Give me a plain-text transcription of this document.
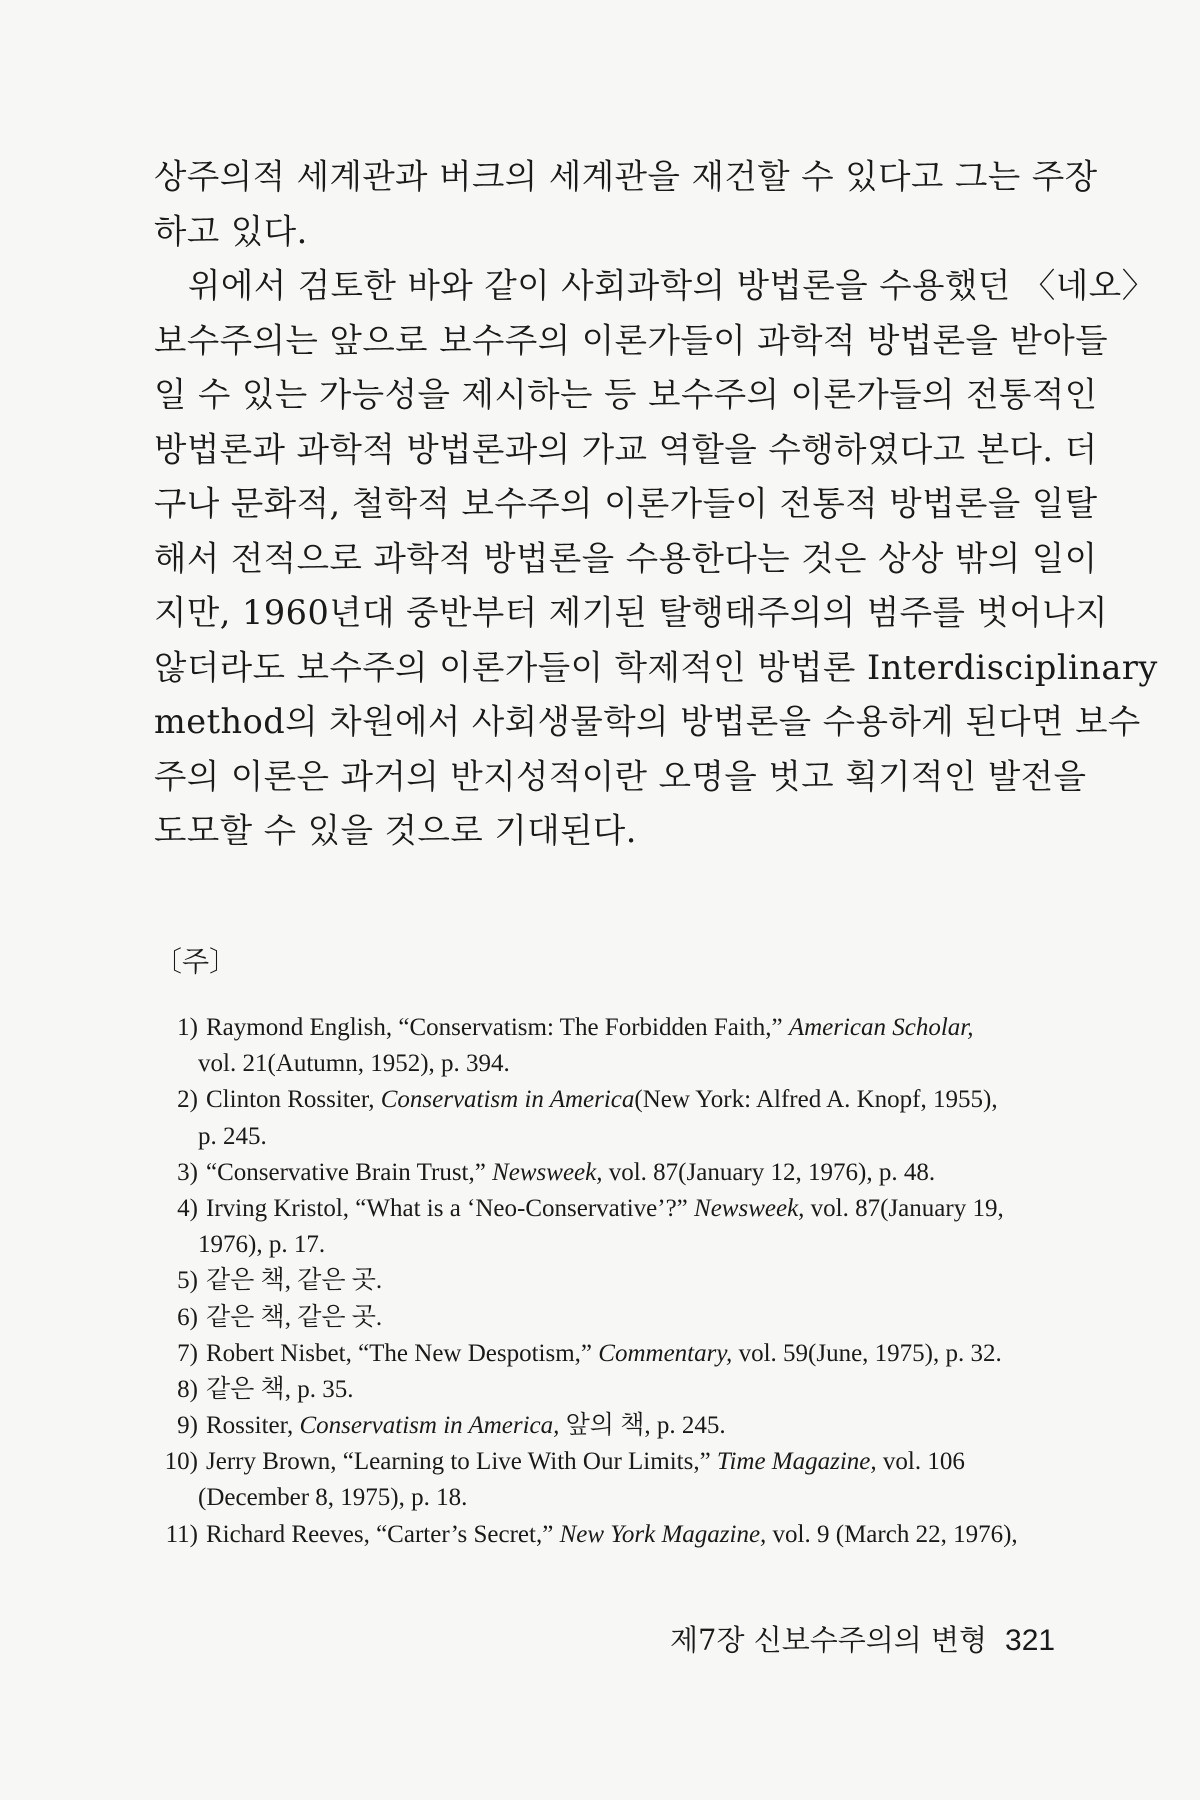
상주의적 세계관과 버크의 세계관을 재건할 수 있다고 그는 주장
하고 있다.
위에서 검토한 바와 같이 사회과학의 방법론을 수용했던 〈네오〉
보수주의는 앞으로 보수주의 이론가들이 과학적 방법론을 받아들
일 수 있는 가능성을 제시하는 등 보수주의 이론가들의 전통적인
방법론과 과학적 방법론과의 가교 역할을 수행하였다고 본다. 더
구나 문화적, 철학적 보수주의 이론가들이 전통적 방법론을 일탈
해서 전적으로 과학적 방법론을 수용한다는 것은 상상 밖의 일이
지만, 1960년대 중반부터 제기된 탈행태주의의 범주를 벗어나지
않더라도 보수주의 이론가들이 학제적인 방법론 Interdisciplinary
method의 차원에서 사회생물학의 방법론을 수용하게 된다면 보수
주의 이론은 과거의 반지성적이란 오명을 벗고 획기적인 발전을
도모할 수 있을 것으로 기대된다.
〔주〕
1) Raymond English, “Conservatism: The Forbidden Faith,” American Scholar,
vol. 21(Autumn, 1952), p. 394.
2) Clinton Rossiter, Conservatism in America(New York: Alfred A. Knopf, 1955),
p. 245.
3) “Conservative Brain Trust,” Newsweek, vol. 87(January 12, 1976), p. 48.
4) Irving Kristol, “What is a ‘Neo-Conservative’?” Newsweek, vol. 87(January 19,
1976), p. 17.
5) 같은 책, 같은 곳.
6) 같은 책, 같은 곳.
7) Robert Nisbet, “The New Despotism,” Commentary, vol. 59(June, 1975), p. 32.
8) 같은 책, p. 35.
9) Rossiter, Conservatism in America, 앞의 책, p. 245.
10) Jerry Brown, “Learning to Live With Our Limits,” Time Magazine, vol. 106
(December 8, 1975), p. 18.
11) Richard Reeves, “Carter’s Secret,” New York Magazine, vol. 9 (March 22, 1976),
제7장 신보수주의의 변형 321
